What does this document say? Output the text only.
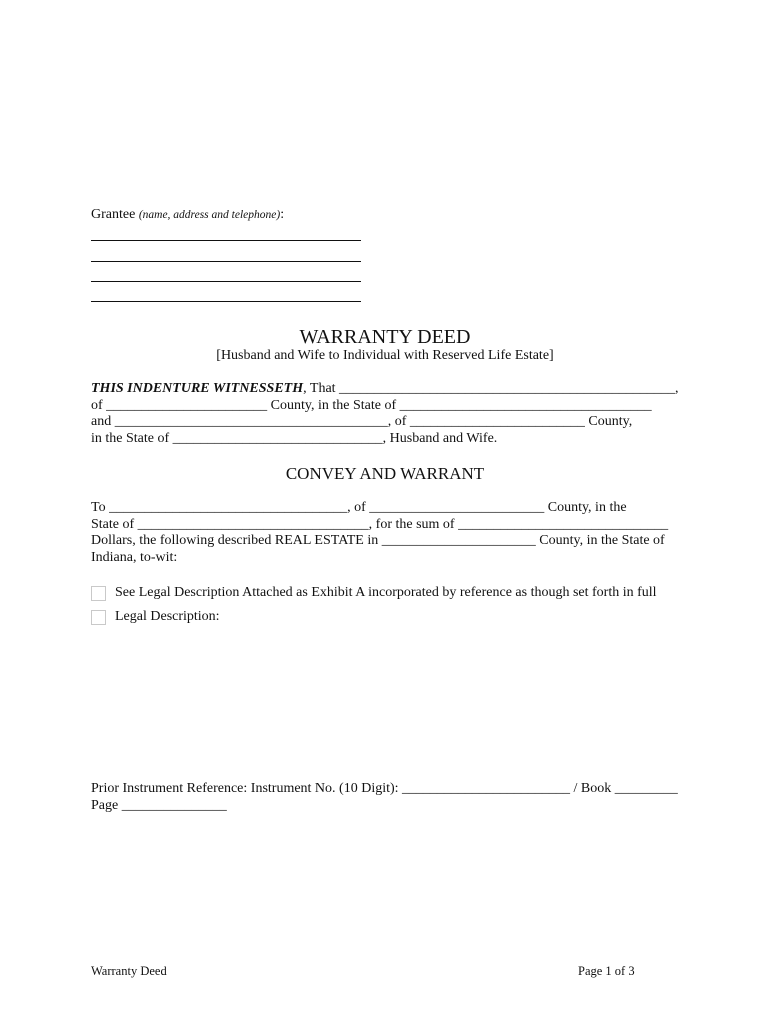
Grantee (name, address and telephone):
WARRANTY DEED
[Husband and Wife to Individual with Reserved Life Estate]
THIS INDENTURE WITNESSETH, That ________________________________________________,
of _______________________ County, in the State of ____________________________________
and _______________________________________, of _________________________ County,
in the State of ______________________________, Husband and Wife.
CONVEY AND WARRANT
To __________________________________, of _________________________ County, in the
State of _________________________________, for the sum of ______________________________
Dollars, the following described REAL ESTATE in ______________________ County, in the State of
Indiana, to-wit:
See Legal Description Attached as Exhibit A incorporated by reference as though set forth in full
Legal Description:
Prior Instrument Reference: Instrument No. (10 Digit): ________________________ / Book _________
Page _______________
Warranty Deed	Page 1 of 3
